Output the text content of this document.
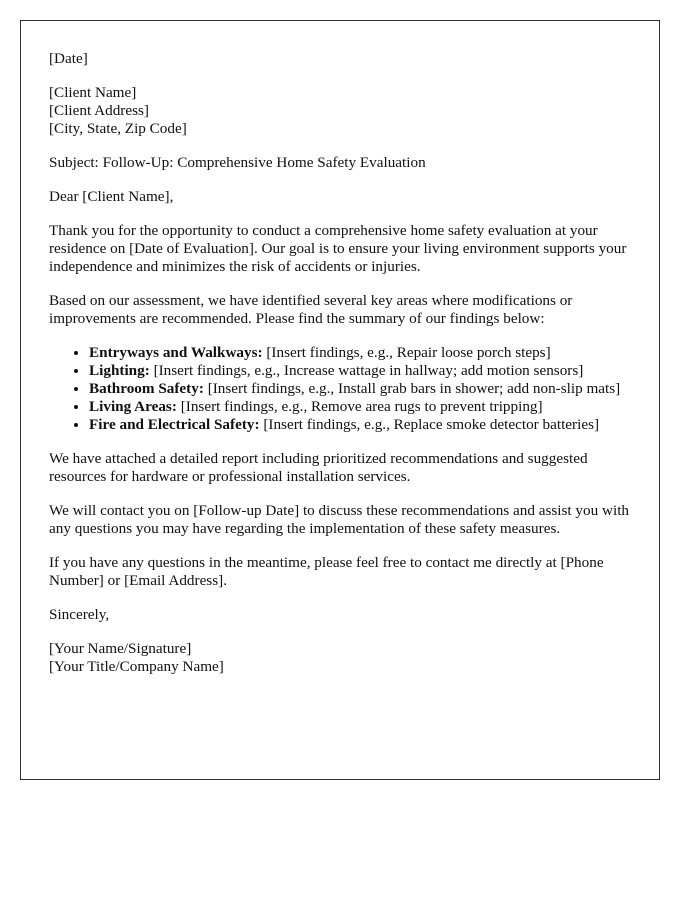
[Date]

[Client Name]
[Client Address]
[City, State, Zip Code]

Subject: Follow-Up: Comprehensive Home Safety Evaluation

Dear [Client Name],

Thank you for the opportunity to conduct a comprehensive home safety evaluation at your residence on [Date of Evaluation]. Our goal is to ensure your living environment supports your independence and minimizes the risk of accidents or injuries.

Based on our assessment, we have identified several key areas where modifications or improvements are recommended. Please find the summary of our findings below:

• Entryways and Walkways: [Insert findings, e.g., Repair loose porch steps]
• Lighting: [Insert findings, e.g., Increase wattage in hallway; add motion sensors]
• Bathroom Safety: [Insert findings, e.g., Install grab bars in shower; add non-slip mats]
• Living Areas: [Insert findings, e.g., Remove area rugs to prevent tripping]
• Fire and Electrical Safety: [Insert findings, e.g., Replace smoke detector batteries]

We have attached a detailed report including prioritized recommendations and suggested resources for hardware or professional installation services.

We will contact you on [Follow-up Date] to discuss these recommendations and assist you with any questions you may have regarding the implementation of these safety measures.

If you have any questions in the meantime, please feel free to contact me directly at [Phone Number] or [Email Address].

Sincerely,

[Your Name/Signature]
[Your Title/Company Name]
